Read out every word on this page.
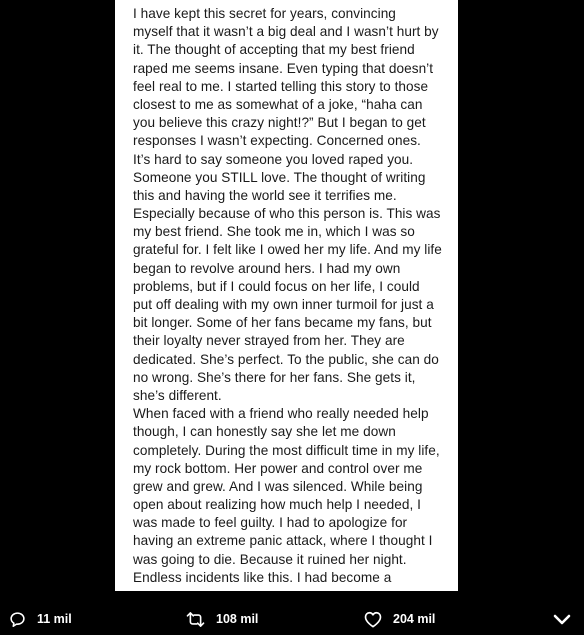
I have kept this secret for years, convincing
myself that it wasn’t a big deal and I wasn’t hurt by
it. The thought of accepting that my best friend
raped me seems insane. Even typing that doesn’t
feel real to me. I started telling this story to those
closest to me as somewhat of a joke, “haha can
you believe this crazy night!?” But I began to get
responses I wasn’t expecting. Concerned ones.
It’s hard to say someone you loved raped you.
Someone you STILL love. The thought of writing
this and having the world see it terrifies me.
Especially because of who this person is. This was
my best friend. She took me in, which I was so
grateful for. I felt like I owed her my life. And my life
began to revolve around hers. I had my own
problems, but if I could focus on her life, I could
put off dealing with my own inner turmoil for just a
bit longer. Some of her fans became my fans, but
their loyalty never strayed from her. They are
dedicated. She’s perfect. To the public, she can do
no wrong. She’s there for her fans. She gets it,
she’s different.
When faced with a friend who really needed help
though, I can honestly say she let me down
completely. During the most difficult time in my life,
my rock bottom. Her power and control over me
grew and grew. And I was silenced. While being
open about realizing how much help I needed, I
was made to feel guilty. I had to apologize for
having an extreme panic attack, where I thought I
was going to die. Because it ruined her night.
Endless incidents like this. I had become a
11 mil	108 mil	204 mil
